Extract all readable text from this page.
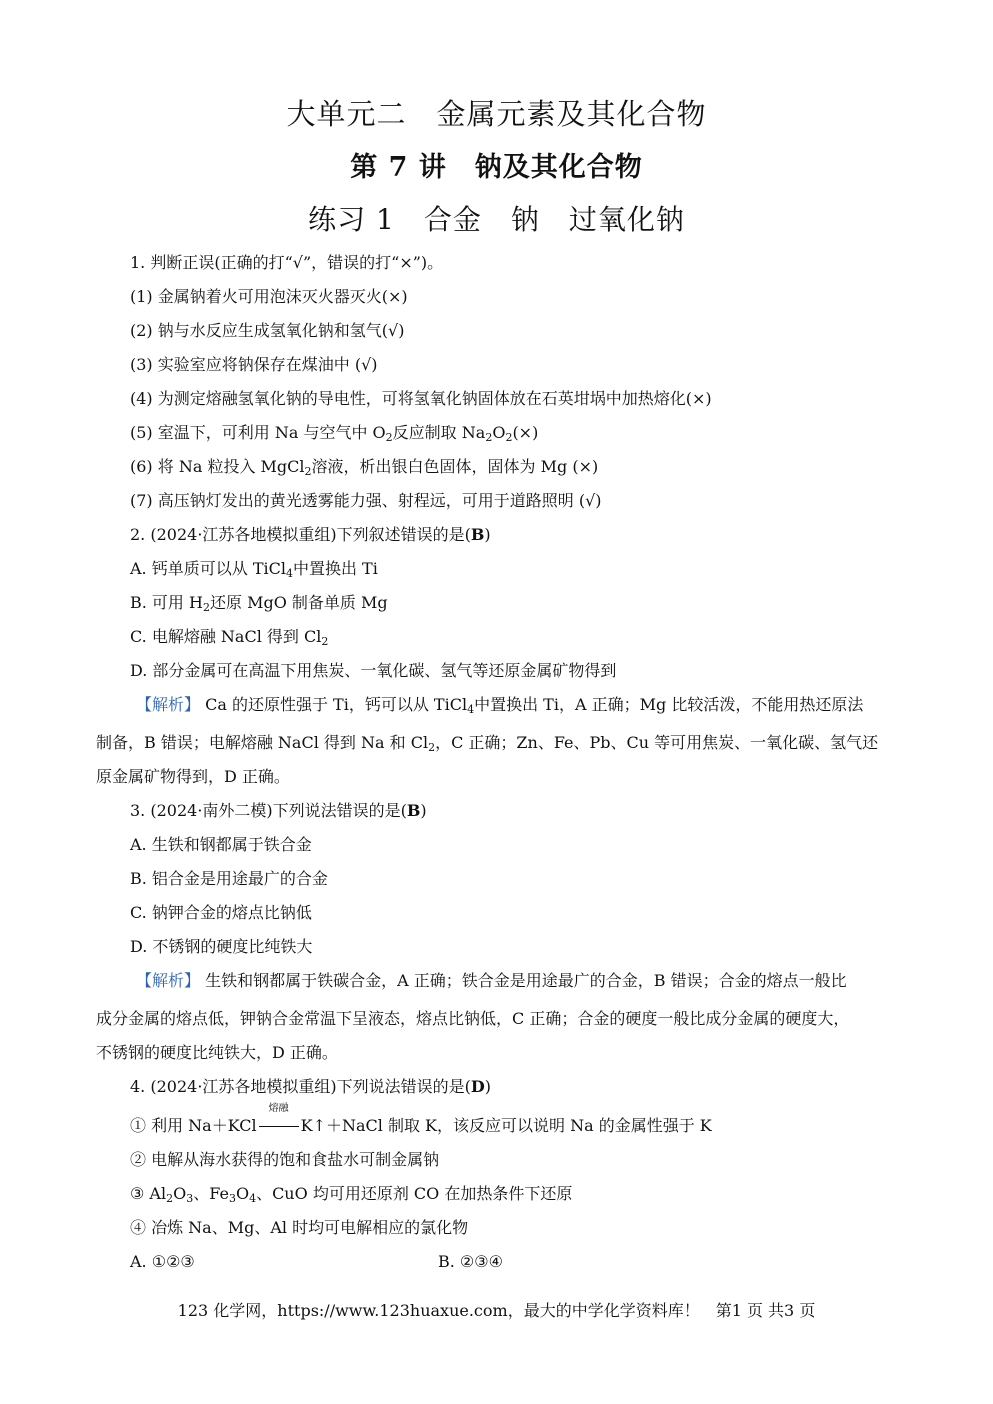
大单元二　金属元素及其化合物
第 7 讲　钠及其化合物
练习 1　合金　钠　过氧化钠
1. 判断正误(正确的打“√”，错误的打“×”)。
(1) 金属钠着火可用泡沫灭火器灭火(×)
(2) 钠与水反应生成氢氧化钠和氢气(√)
(3) 实验室应将钠保存在煤油中 (√)
(4) 为测定熔融氢氧化钠的导电性，可将氢氧化钠固体放在石英坩埚中加热熔化(×)
(5) 室温下，可利用 Na 与空气中 $O_2$反应制取 $Na_2O_2(\times)$
(6) 将 Na 粒投入 MgCl$_2$溶液，析出银白色固体，固体为 Mg (×)
(7) 高压钠灯发出的黄光透雾能力强、射程远，可用于道路照明 (√)
2. (2024·江苏各地模拟重组)下列叙述错误的是(B)
A. 钙单质可以从 TiCl$_4$中置换出 Ti
B. 可用 $H_2$还原 MgO 制备单质 Mg
C. 电解熔融 NaCl 得到 $Cl_2$
D. 部分金属可在高温下用焦炭、一氧化碳、氢气等还原金属矿物得到
【解析】 Ca 的还原性强于 Ti，钙可以从 TiCl$_4$中置换出 Ti，A 正确；Mg 比较活泼，不能用热还原法
制备，B 错误；电解熔融 NaCl 得到 Na 和 $Cl_2$，C 正确；Zn、Fe、Pb、Cu 等可用焦炭、一氧化碳、氢气还
原金属矿物得到，D 正确。
3. (2024·南外二模)下列说法错误的是(B)
A. 生铁和钢都属于铁合金
B. 铝合金是用途最广的合金
C. 钠钾合金的熔点比钠低
D. 不锈钢的硬度比纯铁大
【解析】 生铁和钢都属于铁碳合金，A 正确；铁合金是用途最广的合金，B 错误；合金的熔点一般比
成分金属的熔点低，钾钠合金常温下呈液态，熔点比钠低，C 正确；合金的硬度一般比成分金属的硬度大，
不锈钢的硬度比纯铁大，D 正确。
4. (2024·江苏各地模拟重组)下列说法错误的是(D)
① 利用 Na＋KCl
熔融
K↑＋NaCl 制取 K，该反应可以说明 Na 的金属性强于 K
② 电解从海水获得的饱和食盐水可制金属钠
③ $Al_2O_3$、$Fe_3O_4$、CuO 均可用还原剂 CO 在加热条件下还原
④ 冶炼 Na、Mg、Al 时均可电解相应的氯化物
A. ①②③	B. ②③④
123 化学网，https://www.123huaxue.com，最大的中学化学资料库！　第1 页 共3 页
